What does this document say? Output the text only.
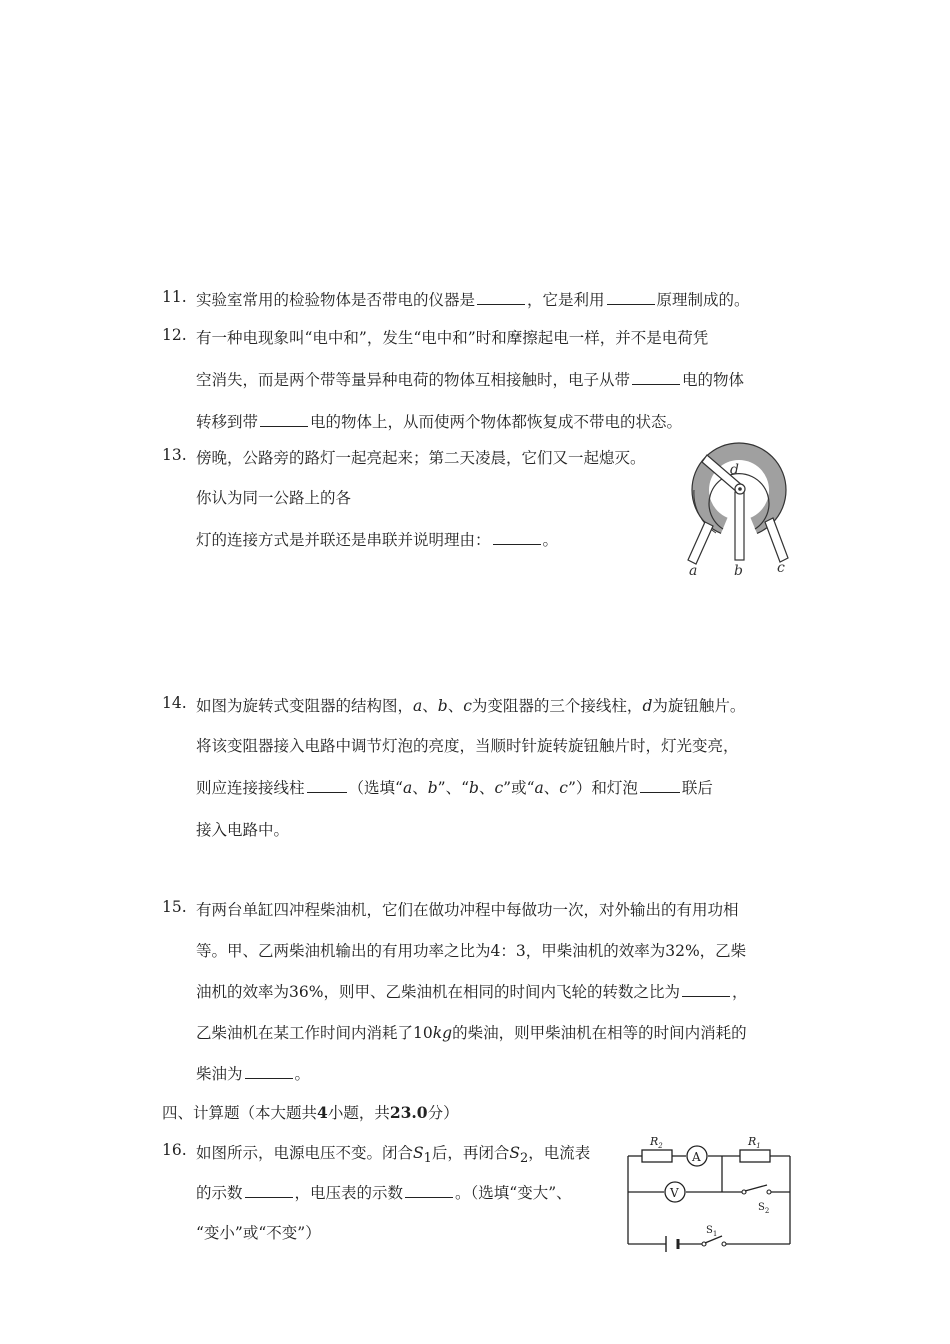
11. 实验室常用的检验物体是否带电的仪器是	，它是利用	原理制成的。
12. 有一种电现象叫“电中和”，发生“电中和”时和摩擦起电一样，并不是电荷凭
空消失，而是两个带等量异种电荷的物体互相接触时，电子从带	电的物体
转移到带	电的物体上，从而使两个物体都恢复成不带电的状态。
13. 傍晚，公路旁的路灯一起亮起来；第二天凌晨，它们又一起熄灭。
你认为同一公路上的各
灯的连接方式是并联还是串联并说明理由：	。
d
a	b c
14. 如图为旋转式变阻器的结构图，a、b、c为变阻器的三个接线柱，d为旋钮触片。
将该变阻器接入电路中调节灯泡的亮度，当顺时针旋转旋钮触片时，灯光变亮，
则应连接接线柱	（选填“a、b”、“b、c”或“a、c”）和灯泡	联后
接入电路中。
15. 有两台单缸四冲程柴油机，它们在做功冲程中每做功一次，对外输出的有用功相
等。甲、乙两柴油机输出的有用功率之比为4：3，甲柴油机的效率为32%，乙柴
油机的效率为36%，则甲、乙柴油机在相同的时间内飞轮的转数之比为	，
乙柴油机在某工作时间内消耗了10kg的柴油，则甲柴油机在相等的时间内消耗的
柴油为	。
四、计算题（本大题共4小题，共23.0分）
16. 如图所示，电源电压不变。闭合$S_1$后，再闭合$S_2$，电流表
的示数	，电压表的示数	。（选填“变大”、
“变小”或“不变”）
A
V
$R_2$	$R_1$
$S_2$
$S_1$
